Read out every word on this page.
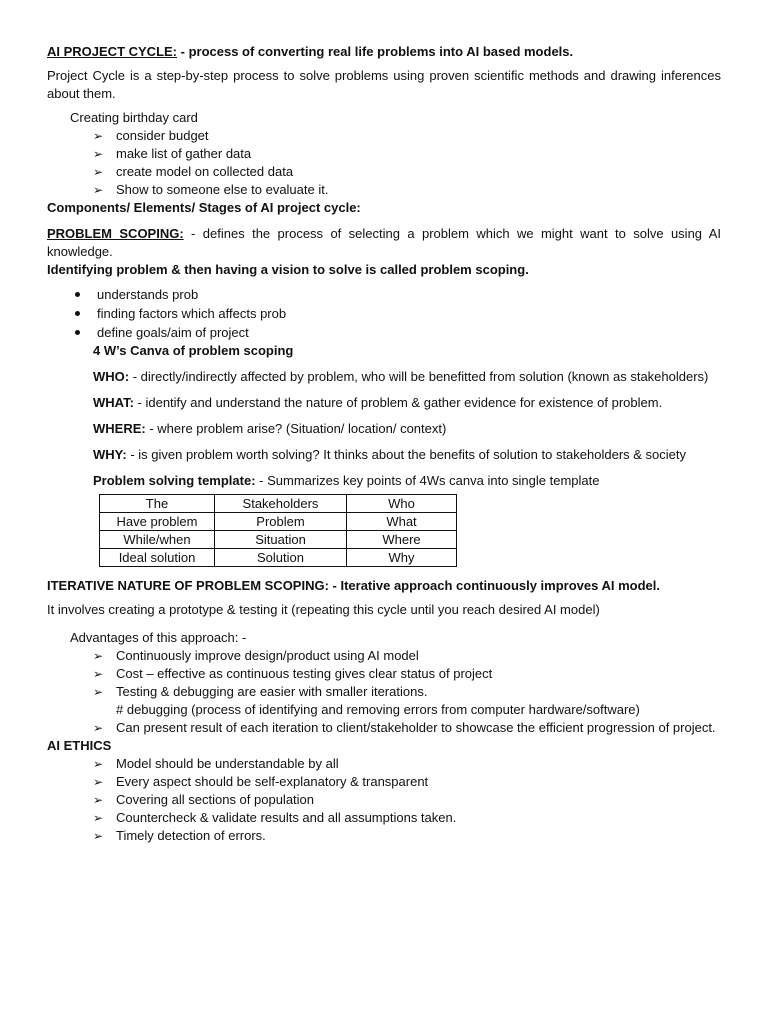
AI PROJECT CYCLE: - process of converting real life problems into AI based models.

Project Cycle is a step-by-step process to solve problems using proven scientific methods and drawing inferences about them.

Creating birthday card

➢ consider budget
➢ make list of gather data
➢ create model on collected data
➢ Show to someone else to evaluate it.

Components/ Elements/ Stages of AI project cycle:

PROBLEM SCOPING: - defines the process of selecting a problem which we might want to solve using AI knowledge.

Identifying problem & then having a vision to solve is called problem scoping.

understands prob
finding factors which affects prob
define goals/aim of project

4 W’s Canva of problem scoping

WHO: - directly/indirectly affected by problem, who will be benefitted from solution (known as stakeholders)

WHAT: - identify and understand the nature of problem & gather evidence for existence of problem.

WHERE: - where problem arise? (Situation/ location/ context)

WHY: - is given problem worth solving? It thinks about the benefits of solution to stakeholders & society

Problem solving template: - Summarizes key points of 4Ws canva into single template

The	Stakeholders	Who
Have problem	Problem	What
While/when	Situation	Where
Ideal solution	Solution	Why

ITERATIVE NATURE OF PROBLEM SCOPING: - Iterative approach continuously improves AI model.

It involves creating a prototype & testing it (repeating this cycle until you reach desired AI model)

Advantages of this approach: -

➢ Continuously improve design/product using AI model
➢ Cost – effective as continuous testing gives clear status of project
➢ Testing & debugging are easier with smaller iterations.

# debugging (process of identifying and removing errors from computer hardware/software)

➢ Can present result of each iteration to client/stakeholder to showcase the efficient progression of project.

AI ETHICS

➢ Model should be understandable by all
➢ Every aspect should be self-explanatory & transparent
➢ Covering all sections of population
➢ Countercheck & validate results and all assumptions taken.
➢ Timely detection of errors.
